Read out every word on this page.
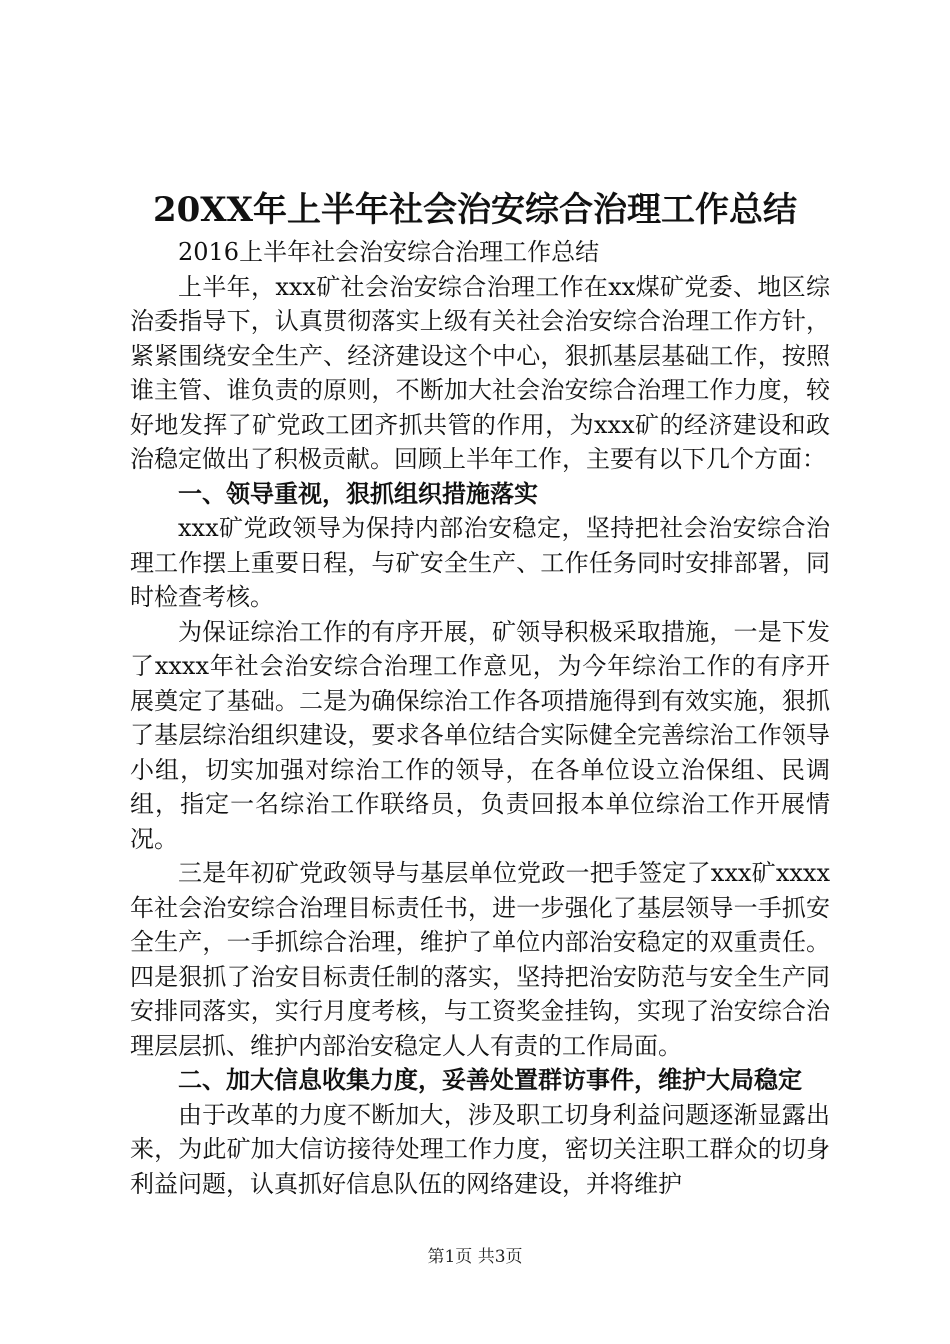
20XX年上半年社会治安综合治理工作总结

2016上半年社会治安综合治理工作总结

上半年，xxx矿社会治安综合治理工作在xx煤矿党委、地区综治委指导下，认真贯彻落实上级有关社会治安综合治理工作方针，紧紧围绕安全生产、经济建设这个中心，狠抓基层基础工作，按照谁主管、谁负责的原则，不断加大社会治安综合治理工作力度，较好地发挥了矿党政工团齐抓共管的作用，为xxx矿的经济建设和政治稳定做出了积极贡献。回顾上半年工作，主要有以下几个方面：

一、领导重视，狠抓组织措施落实

xxx矿党政领导为保持内部治安稳定，坚持把社会治安综合治理工作摆上重要日程，与矿安全生产、工作任务同时安排部署，同时检查考核。

为保证综治工作的有序开展，矿领导积极采取措施，一是下发了xxxx年社会治安综合治理工作意见，为今年综治工作的有序开展奠定了基础。二是为确保综治工作各项措施得到有效实施，狠抓了基层综治组织建设，要求各单位结合实际健全完善综治工作领导小组，切实加强对综治工作的领导，在各单位设立治保组、民调组，指定一名综治工作联络员，负责回报本单位综治工作开展情况。

三是年初矿党政领导与基层单位党政一把手签定了xxx矿xxxx年社会治安综合治理目标责任书，进一步强化了基层领导一手抓安全生产，一手抓综合治理，维护了单位内部治安稳定的双重责任。四是狠抓了治安目标责任制的落实，坚持把治安防范与安全生产同安排同落实，实行月度考核，与工资奖金挂钩，实现了治安综合治理层层抓、维护内部治安稳定人人有责的工作局面。

二、加大信息收集力度，妥善处置群访事件，维护大局稳定

由于改革的力度不断加大，涉及职工切身利益问题逐渐显露出来，为此矿加大信访接待处理工作力度，密切关注职工群众的切身利益问题，认真抓好信息队伍的网络建设，并将维护

第1页 共3页
